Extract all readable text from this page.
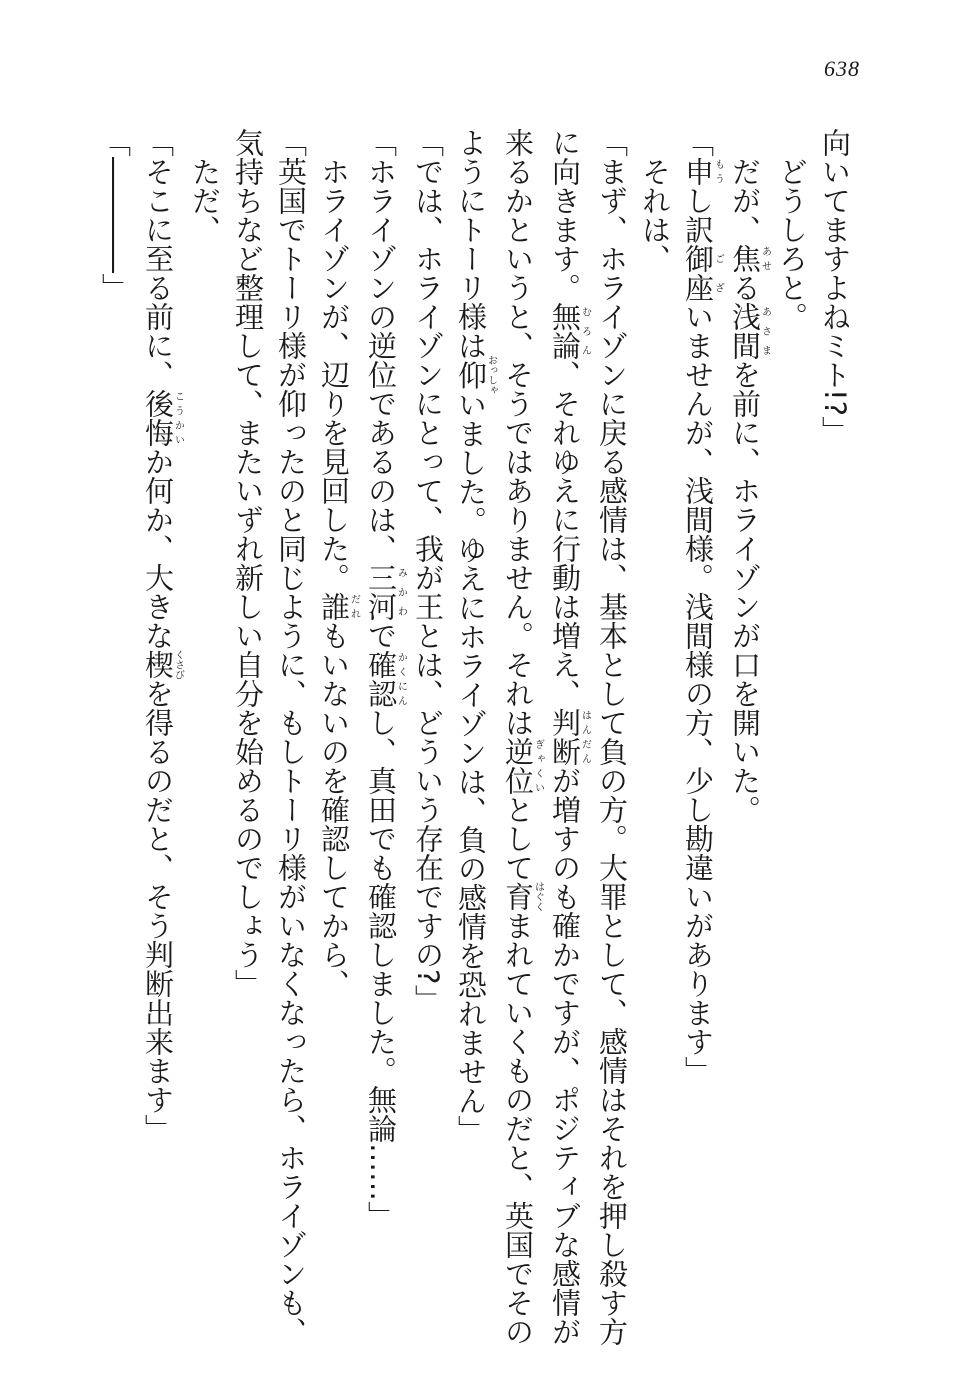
638
向いてますよねミト!?」
　どうしろと。
　だが、焦あせる浅間あさまを前に、ホライゾンが口を開いた。
「申もうし訳御座ございませんが、浅間様。浅間様の方、少し勘違いがあります」
　それは、
「まず、ホライゾンに戻る感情は、基本として負の方。大罪として、感情はそれを押し殺す方
に向きます。無論むろん、それゆえに行動は増え、判断はんだんが増すのも確かですが、ポジティブな感情が
来るかというと、そうではありません。それは逆位ぎゃくいとして育はぐくまれていくものだと、英国でその
ようにトーリ様は仰おっしゃいました。ゆえにホライゾンは、負の感情を恐れません」
「では、ホライゾンにとって、我が王とは、どういう存在ですの?」
「ホライゾンの逆位であるのは、三河みかわで確認かくにんし、真田でも確認しました。無論……」
　ホライゾンが、辺りを見回した。誰だれもいないのを確認してから、
「英国でトーリ様が仰ったのと同じように、もしトーリ様がいなくなったら、ホライゾンも、
気持ちなど整理して、またいずれ新しい自分を始めるのでしょう」
　ただ、
「そこに至る前に、後悔こうかいか何か、大きな楔くさびを得るのだと、そう判断出来ます」
「――――」
